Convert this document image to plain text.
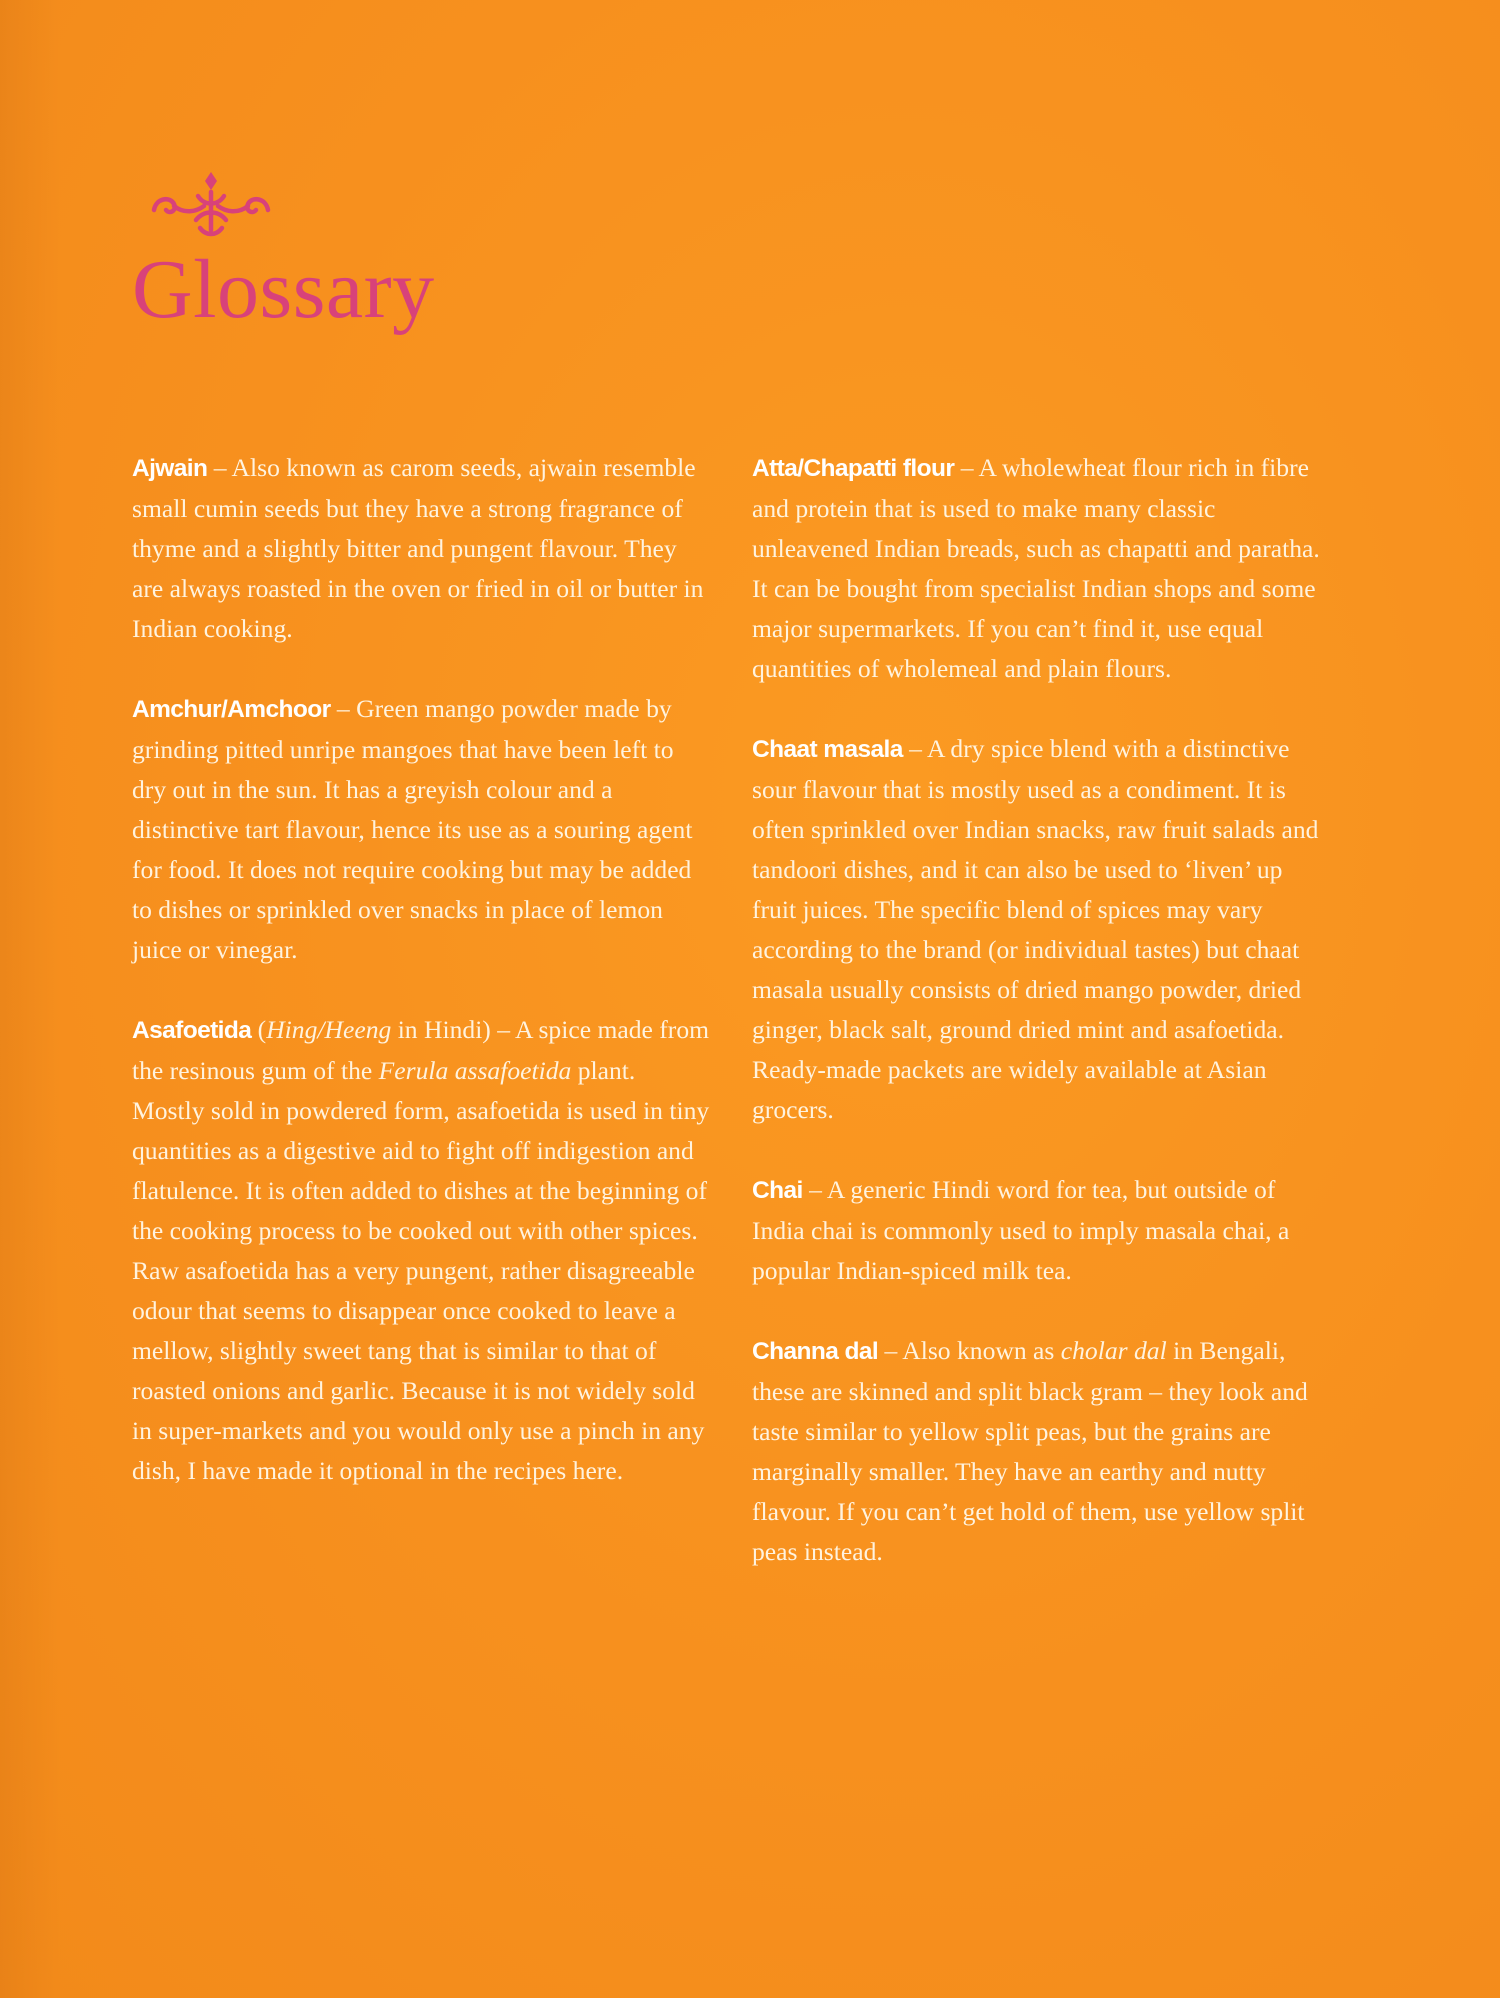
Glossary

Ajwain – Also known as carom seeds, ajwain resemble small cumin seeds but they have a strong fragrance of thyme and a slightly bitter and pungent flavour. They are always roasted in the oven or fried in oil or butter in Indian cooking.

Amchur/Amchoor – Green mango powder made by grinding pitted unripe mangoes that have been left to dry out in the sun. It has a greyish colour and a distinctive tart flavour, hence its use as a souring agent for food. It does not require cooking but may be added to dishes or sprinkled over snacks in place of lemon juice or vinegar.

Asafoetida (Hing/Heeng in Hindi) – A spice made from the resinous gum of the Ferula assafoetida plant. Mostly sold in powdered form, asafoetida is used in tiny quantities as a digestive aid to fight off indigestion and flatulence. It is often added to dishes at the beginning of the cooking process to be cooked out with other spices. Raw asafoetida has a very pungent, rather disagreeable odour that seems to disappear once cooked to leave a mellow, slightly sweet tang that is similar to that of roasted onions and garlic. Because it is not widely sold in super-markets and you would only use a pinch in any dish, I have made it optional in the recipes here.

Atta/Chapatti flour – A wholewheat flour rich in fibre and protein that is used to make many classic unleavened Indian breads, such as chapatti and paratha. It can be bought from specialist Indian shops and some major supermarkets. If you can’t find it, use equal quantities of wholemeal and plain flours.

Chaat masala – A dry spice blend with a distinctive sour flavour that is mostly used as a condiment. It is often sprinkled over Indian snacks, raw fruit salads and tandoori dishes, and it can also be used to ‘liven’ up fruit juices. The specific blend of spices may vary according to the brand (or individual tastes) but chaat masala usually consists of dried mango powder, dried ginger, black salt, ground dried mint and asafoetida. Ready-made packets are widely available at Asian grocers.

Chai – A generic Hindi word for tea, but outside of India chai is commonly used to imply masala chai, a popular Indian-spiced milk tea.

Channa dal – Also known as cholar dal in Bengali, these are skinned and split black gram – they look and taste similar to yellow split peas, but the grains are marginally smaller. They have an earthy and nutty flavour. If you can’t get hold of them, use yellow split peas instead.
